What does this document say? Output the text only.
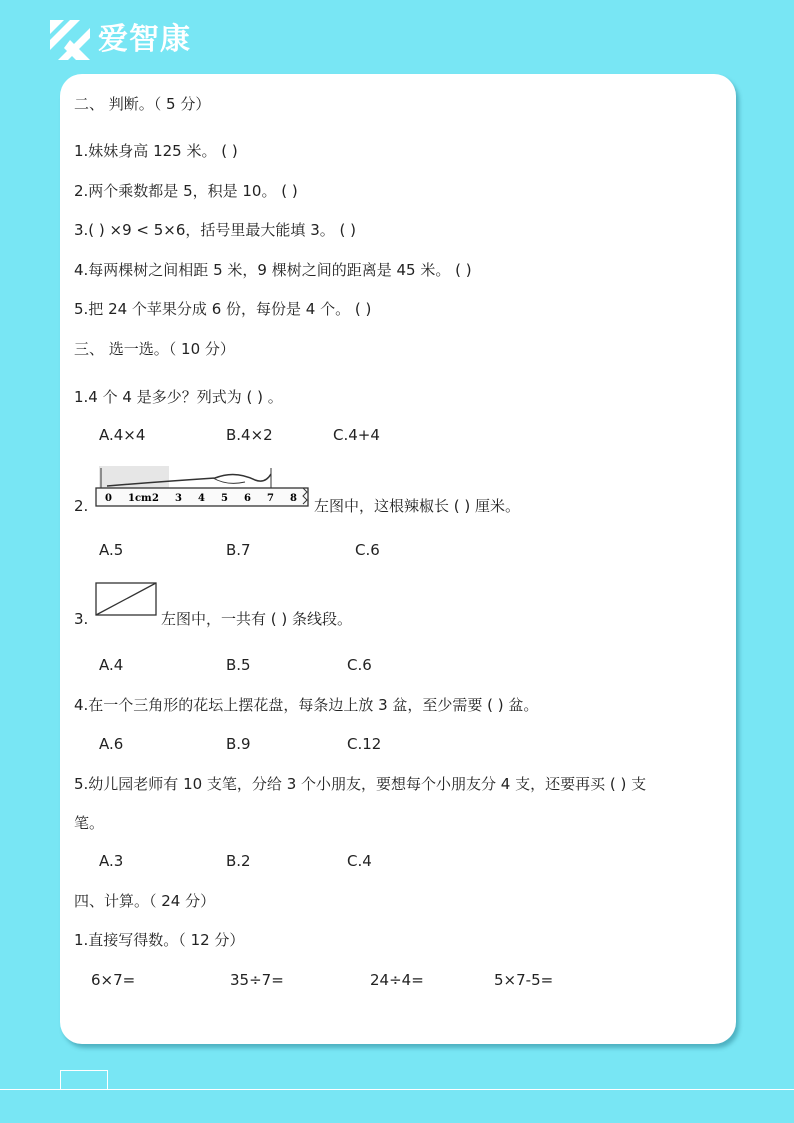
爱智康
二、 判断。（ 5 分）
1.妹妹身高 125 米。 ( )
2.两个乘数都是 5，积是 10。 ( )
3.( ) ×9 < 5×6，括号里最大能填 3。 ( )
4.每两棵树之间相距 5 米，9 棵树之间的距离是 45 米。 ( )
5.把 24 个苹果分成 6 份，每份是 4 个。 ( )
三、 选一选。（ 10 分）
1.4 个 4 是多少？列式为 ( ) 。
A.4×4	B.4×2	C.4+4
2. 0 1cm 2 3 4 5 6 7 8 左图中，这根辣椒长 ( ) 厘米。
A.5	B.7	C.6
3.	左图中，一共有 ( ) 条线段。
A.4	B.5	C.6
4.在一个三角形的花坛上摆花盘，每条边上放 3 盆，至少需要 ( ) 盆。
A.6	B.9	C.12
5.幼儿园老师有 10 支笔，分给 3 个小朋友，要想每个小朋友分 4 支，还要再买 ( ) 支
笔。
A.3	B.2	C.4
四、计算。（ 24 分）
1.直接写得数。（ 12 分）
6×7=	35÷7=	24÷4=	5×7-5=
